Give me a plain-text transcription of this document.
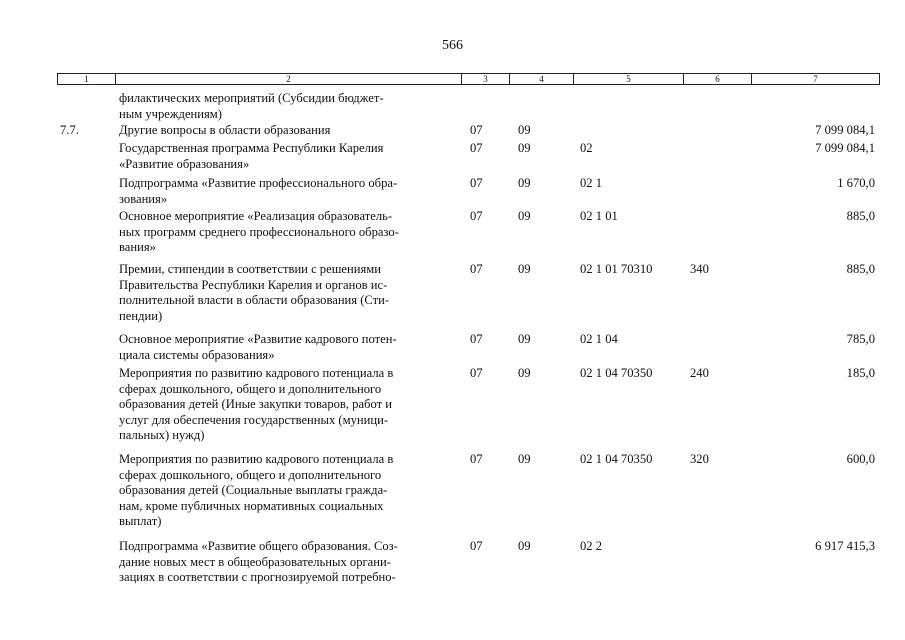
566
1	2	3	4	5	6	7
филактических мероприятий (Субсидии бюджет-
ным учреждениям)
7.7.	Другие вопросы в области образования	07	09	7 099 084,1
Государственная программа Республики Карелия
«Развитие образования»
07	09	02	7 099 084,1
Подпрограмма «Развитие профессионального обра-
зования»
07	09	02 1	1 670,0
Основное мероприятие «Реализация образователь-
ных программ среднего профессионального образо-
вания»
07	09	02 1 01	885,0
Премии, стипендии в соответствии с решениями
Правительства Республики Карелия и органов ис-
полнительной власти в области образования (Сти-
пендии)
07	09	02 1 01 70310	340	885,0
Основное мероприятие «Развитие кадрового потен-
циала системы образования»
07	09	02 1 04	785,0
Мероприятия по развитию кадрового потенциала в
сферах дошкольного, общего и дополнительного
образования детей (Иные закупки товаров, работ и
услуг для обеспечения государственных (муници-
пальных) нужд)
07	09	02 1 04 70350	240	185,0
Мероприятия по развитию кадрового потенциала в
сферах дошкольного, общего и дополнительного
образования детей (Социальные выплаты гражда-
нам, кроме публичных нормативных социальных
выплат)
07	09	02 1 04 70350	320	600,0
Подпрограмма «Развитие общего образования. Соз-
дание новых мест в общеобразовательных органи-
зациях в соответствии с прогнозируемой потребно-
07	09	02 2	6 917 415,3
